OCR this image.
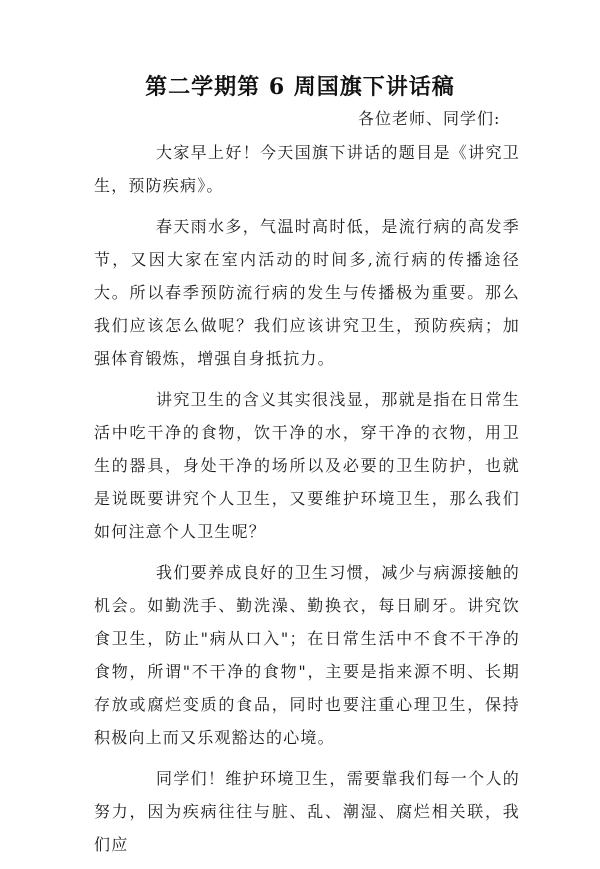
第二学期第 6 周国旗下讲话稿
各位老师、同学们:

大家早上好！今天国旗下讲话的题目是《讲究卫生，预防疾病》。

春天雨水多，气温时高时低，是流行病的高发季节，又因大家在室内活动的时间多,流行病的传播途径大。所以春季预防流行病的发生与传播极为重要。那么我们应该怎么做呢？我们应该讲究卫生，预防疾病；加强体育锻炼，增强自身抵抗力。

讲究卫生的含义其实很浅显，那就是指在日常生活中吃干净的食物，饮干净的水，穿干净的衣物，用卫生的器具，身处干净的场所以及必要的卫生防护，也就是说既要讲究个人卫生，又要维护环境卫生，那么我们如何注意个人卫生呢？

我们要养成良好的卫生习惯，减少与病源接触的机会。如勤洗手、勤洗澡、勤换衣，每日刷牙。讲究饮食卫生，防止"病从口入"；在日常生活中不食不干净的食物，所谓"不干净的食物"，主要是指来源不明、长期存放或腐烂变质的食品，同时也要注重心理卫生，保持积极向上而又乐观豁达的心境。

同学们！维护环境卫生，需要靠我们每一个人的努力，因为疾病往往与脏、乱、潮湿、腐烂相关联，我们应
